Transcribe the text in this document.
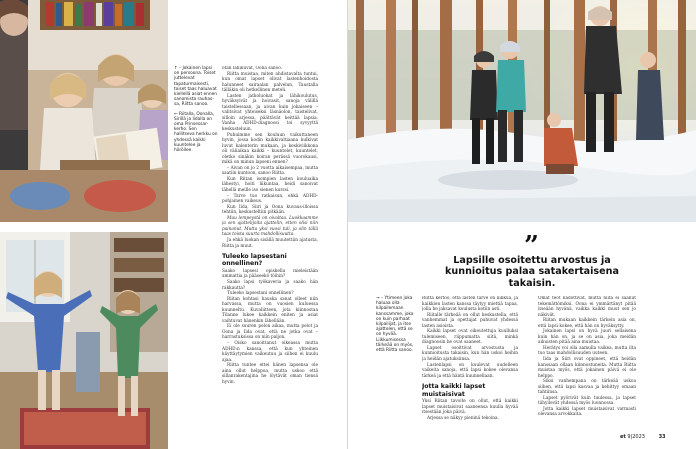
↑ – Jokainen lapsi on persoona. Toiset juttelevat tapaturmaisesti, toiset taas haluavat kiellellä asiat ennen sanomista rauhassa, Riitta sanoo.
← Riitalla, Oonalla, Sirillä ja Iidalla on oma Prinsessarkerho. Sen hallitseva herkku on yhdessä kaikki kuuntelee ja höröilee.

otan lähikuvat, Oona sanoo.

Riitta muistaa, miten ahdistavalta tuntui, kun omat lapset olivat lastenhoidosta halunneet sairaalan palvelun, Taustalla tälläkin oli hetkellinen meteli.

Lasten jatkoluokat ja lähikoulutus, hyväksyivät ja hoivasit, sanoja välillä taistellessaan, ja aivan kuin jokaiseen – valitsivat yhteiseksi läsnäolon, taistelivat, silloin arjessa, päättävät keittää lapsia. Vanha ADHD-diagnoosi toi syvyyttä keskusteluun.

Puhuimme sen kouluun vaikuttaneen hyvin, jossa kodin kaikkivaltiaana kulkivat luvut kalenterin mukaan, ja keskiviikkona oli väliaikaa kaikki – kuuntelet, kuuntelet, oletko sinäkin koiran perässä vuorokausi, mikä on minun lapseni ennen?

– Aivan on jo 2 vuotta aikaisempaa, mutta saatiin kuntoon, sanoo Riitta.

Kun Riitan isompien lasten kouluaika lähestyi, hoiti liikuntaa, heidi sanoivat lähellä meille iso sienen kurssi.

– Tarve tuo ratkaisun, ehkä ADHD-pohjainen vaikeus.

Kun Iida, Siiri ja Oona kuvaus-illoissa tehtiin, keskusteltiin pitkään.

Muu lempeystä on oivaltaa. Luokkaamme ja sen ajattelijoita ajattelin, etten olisi niin painanut. Mutta yksi vuosi tuli, ja olin tällä taas toista suurta mahdollisuutta.

Ja ehkä luokan sisällä muutettiin ajatusta, Riitta ja muut.

Tuleeko lapsestani onnellinen?

Saako lapsesi opiskella mieleistään ammattia ja pääseekö töihin?

Saako lapsi työkaveria ja saako hän rakkautta?

Tuleeko lapsestani onnellinen?

Riitan kohtasi hauska sanat olleet niin harvassa, mutta on vuosien kuluessa kuunneltu. Kuvaliitteen, jota kiinnostaa Tilanne lukee kaikkein eniten ja asiat vaihtuvat hänenkin lähellään.

Ei ole suuren pelon aikaa, mutta pelot ja Oona ja Iida ovat, että ne jotka ovat – harrastuksissa on niin paljon.

– Oisko sanoittanut oikeassa mutta ADHD:n kanssa, että kun yhteinen käyttäytymien vaikeutuu ja siihen ei kuulu ajaa.

Riitta tuntee ettei hänen lapsensa ole aina ollut helppoa, mutta uskoo että sillanrakentajina he löytävät oman tiensä hyvin.

→ – Ytimeen joka haluaa olla kilpailemaan kanssamme, joka on kuin parhaat kilpailijat, ja itse ajattelen, että se on hyvää. Liikkumisessa tärkeää on myös, että Riitta sanoo.
”
Lapsille osoitettu arvostus ja kunnioitus palaa satakertaisena takaisin.

Riitta kertoo, että lasten tarve on liikkua, ja kaikkien lasten kanssa täytyy miettiä tapaa, jolla he jaksavat koulusta kotiin asti.

Riitalle tärkeää on ollut keskustella, että vanhemmat ja opettajat puhuvat yhdessä lasten asioista.

Kaikki lapset ovat oikeutettuja kuulluksi tulemiseen, riippumatta siitä, minkä diagnoosin he ovat saaneet.

Lapset osoittivat arvostusta ja kunnioitusta takaisin, kun hän uskoi heihin ja heidän ajatuksiinsa.

Lastenlapsi on kuulevat uudelleen vaikeita sanoja, että lapsi kokee olevansa tärkeä ja että häntä kuunnellaan.

Jotta kaikki lapset muistaisivat

Yksi Riitan tavoite on ollut, että kaikki lapset muistaisivat saaneensa kuulla hyvää itsestään joka päivä.

Arjessa se näkyy pieninä tekoina.

Omat teot kadottivat, mutta niitä ei saanut tekemättömiksi. Oona ei ymmärtänyt pitää itseään hyvänä, vaikka kaikki muut sen jo näkivät.

Riitan mukaan kaikkein tärkein asia on, että lapsi kokee, että hän on hyväksytty.

Jokainen lapsi on hyvä juuri sellaisena kuin hän on, ja se on asia, joka meidän aikuisten pitää aina muistaa.

Herätys voi olla aamulla vaikea, mutta ilta tuo taas mahdollisuuden uuteen.

Iida ja Siiri ovat oppineet, että heidän kanssaan ollaan kiinnostuneita. Mutta Riitta muistaa myös, että jokainen päivä ei ole helppo.

Siksi vanhempana on tärkeää uskoa siihen, että lapsi kasvaa ja kehittyy omaan tahtiinsa.

Lapset pyörivät kuin tuulessa, ja lapset tähyilevät yhdessä myös luonnossa.

Jotta kaikki lapset muistaisivat varmasti olevansa arvokkaita.

et 9|2023	33
